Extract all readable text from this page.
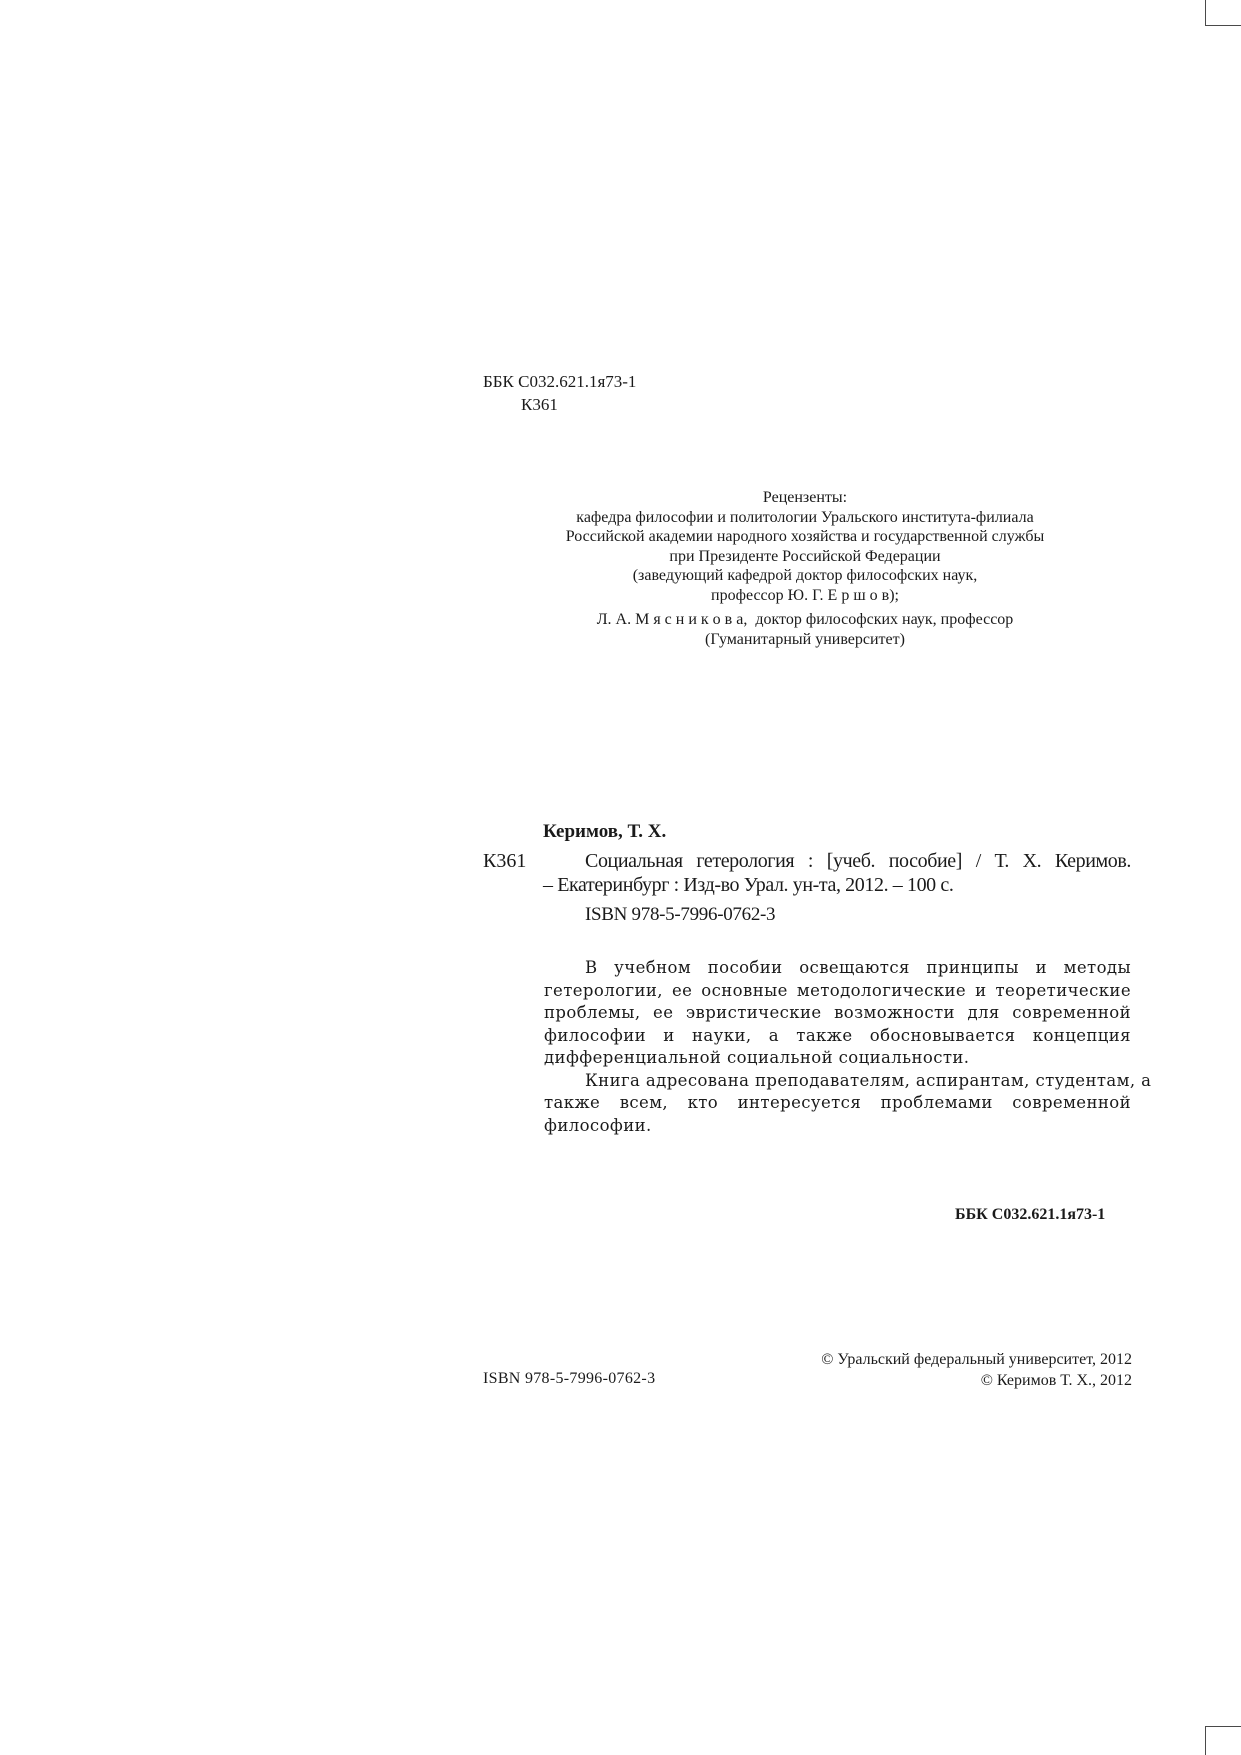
ББК С032.621.1я73-1
К361
Рецензенты:
кафедра философии и политологии Уральского института-филиала
Российской академии народного хозяйства и государственной службы
при Президенте Российской Федерации
(заведующий кафедрой доктор философских наук,
профессор Ю. Г. Е р ш о в);
Л. А. М я с н и к о в а, доктор философских наук, профессор
(Гуманитарный университет)
Керимов, Т. Х.
К361	Социальная гетерология : [учеб. пособие] / Т. Х. Керимов.
– Екатеринбург : Изд-во Урал. ун-та, 2012. – 100 с.
ISBN 978-5-7996-0762-3
В учебном пособии освещаются принципы и методы
гетерологии, ее основные методологические и теоретические
проблемы, ее эвристические возможности для современной
философии и науки, а также обосновывается концепция
дифференциальной социальной социальности.
Книга адресована преподавателям, аспирантам, студентам, а
также всем, кто интересуется проблемами современной
философии.
ББК С032.621.1я73-1
ISBN 978-5-7996-0762-3
© Уральский федеральный университет, 2012
© Керимов Т. Х., 2012
